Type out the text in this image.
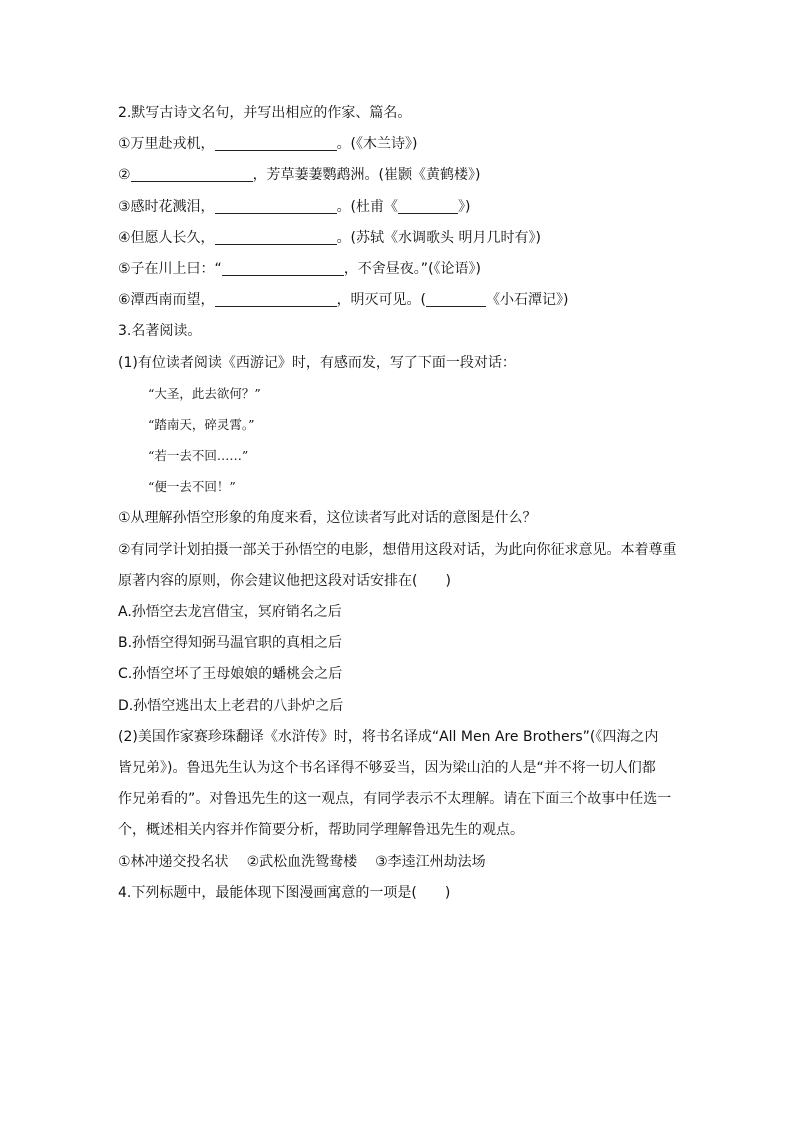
2.默写古诗文名句，并写出相应的作家、篇名。
①万里赴戎机，	。(《木兰诗》)
②	，芳草萋萋鹦鹉洲。(崔颢《黄鹤楼》)
③感时花溅泪，	。(杜甫《	》)
④但愿人长久，	。(苏轼《水调歌头 明月几时有》)
⑤子在川上曰：“	，不舍昼夜。”(《论语》)
⑥潭西南而望，	，明灭可见。(	《小石潭记》)
3.名著阅读。
(1)有位读者阅读《西游记》时，有感而发，写了下面一段对话：
“大圣，此去欲何？”
“踏南天，碎灵霄。”
“若一去不回……”
“便一去不回！”
①从理解孙悟空形象的角度来看，这位读者写此对话的意图是什么？
②有同学计划拍摄一部关于孙悟空的电影，想借用这段对话，为此向你征求意见。本着尊重
原著内容的原则，你会建议他把这段对话安排在(　　)
A.孙悟空去龙宫借宝，冥府销名之后
B.孙悟空得知弼马温官职的真相之后
C.孙悟空坏了王母娘娘的蟠桃会之后
D.孙悟空逃出太上老君的八卦炉之后
(2)美国作家赛珍珠翻译《水浒传》时，将书名译成“All Men Are Brothers”(《四海之内
皆兄弟》)。鲁迅先生认为这个书名译得不够妥当，因为梁山泊的人是“并不将一切人们都
作兄弟看的”。对鲁迅先生的这一观点，有同学表示不太理解。请在下面三个故事中任选一
个，概述相关内容并作简要分析，帮助同学理解鲁迅先生的观点。
①林冲递交投名状 ②武松血洗鸳鸯楼 ③李逵江州劫法场
4.下列标题中，最能体现下图漫画寓意的一项是(　　)
